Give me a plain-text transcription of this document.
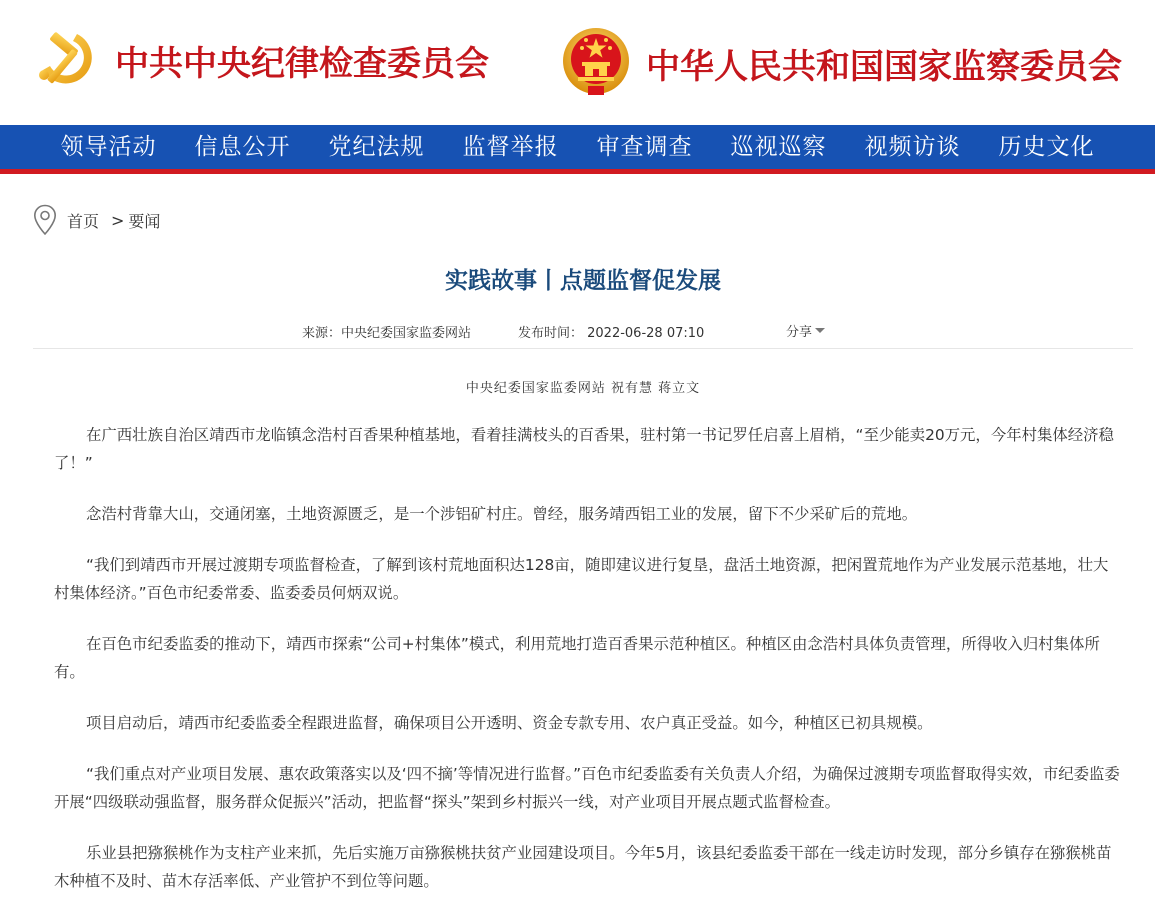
中共中央纪律检查委员会	中华人民共和国国家监察委员会
领导活动	信息公开	党纪法规	监督举报	审查调查	巡视巡察	视频访谈	历史文化
首页 > 要闻
实践故事丨点题监督促发展
来源：中央纪委国家监委网站	发布时间： 2022-06-28 07:10	分享
中央纪委国家监委网站 祝有慧 蒋立文

在广西壮族自治区靖西市龙临镇念浩村百香果种植基地，看着挂满枝头的百香果，驻村第一书记罗任启喜上眉梢，“至少能卖20万元，今年村集体经济稳了！”

念浩村背靠大山，交通闭塞，土地资源匮乏，是一个涉铝矿村庄。曾经，服务靖西铝工业的发展，留下不少采矿后的荒地。

“我们到靖西市开展过渡期专项监督检查，了解到该村荒地面积达128亩，随即建议进行复垦，盘活土地资源，把闲置荒地作为产业发展示范基地，壮大村集体经济。”百色市纪委常委、监委委员何炳双说。

在百色市纪委监委的推动下，靖西市探索“公司+村集体”模式，利用荒地打造百香果示范种植区。种植区由念浩村具体负责管理，所得收入归村集体所有。

项目启动后，靖西市纪委监委全程跟进监督，确保项目公开透明、资金专款专用、农户真正受益。如今，种植区已初具规模。

“我们重点对产业项目发展、惠农政策落实以及‘四不摘’等情况进行监督。”百色市纪委监委有关负责人介绍，为确保过渡期专项监督取得实效，市纪委监委开展“四级联动强监督，服务群众促振兴”活动，把监督“探头”架到乡村振兴一线，对产业项目开展点题式监督检查。

乐业县把猕猴桃作为支柱产业来抓，先后实施万亩猕猴桃扶贫产业园建设项目。今年5月，该县纪委监委干部在一线走访时发现，部分乡镇存在猕猴桃苗木种植不及时、苗木存活率低、产业管护不到位等问题。
